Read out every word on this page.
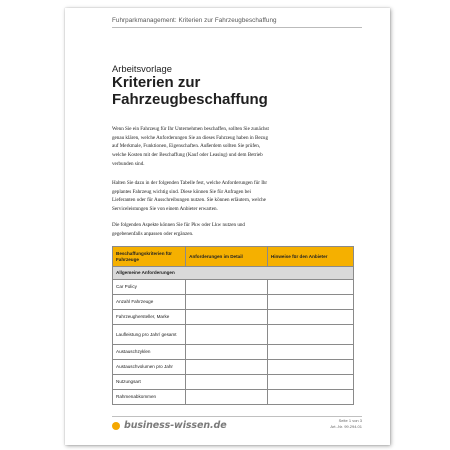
Fuhrparkmanagement: Kriterien zur Fahrzeugbeschaffung
Arbeitsvorlage
Kriterien zur
Fahrzeugbeschaffung
Wenn Sie ein Fahrzeug für Ihr Unternehmen beschaffen, sollten Sie zunächst
genau klären, welche Anforderungen Sie an dieses Fahrzeug haben in Bezug
auf Merkmale, Funktionen, Eigenschaften. Außerdem sollten Sie prüfen,
welche Kosten mit der Beschaffung (Kauf oder Leasing) und dem Betrieb
verbunden sind.
Halten Sie dazu in der folgenden Tabelle fest, welche Anforderungen für Ihr
geplantes Fahrzeug wichtig sind. Diese können Sie für Anfragen bei
Lieferanten oder für Ausschreibungen nutzen. Sie können erläutern, welche
Serviceleistungen Sie von einem Anbieter erwarten.
Die folgenden Aspekte können Sie für Pkw oder Lkw nutzen und
gegebenenfalls anpassen oder ergänzen.
Beschaffungskriterien für Fahrzeuge	Anforderungen im Detail	Hinweise für den Anbieter
Allgemeine Anforderungen		
Car Policy		
Anzahl Fahrzeuge		
Fahrzeughersteller, Marke		
Laufleistung pro Jahr/ gesamt		
Austauschzyklen		
Austauschvolumen pro Jahr		
Nutzungsart		
Rahmenabkommen		
business-wissen.de	Seite 1 von 3
Art.-Nr. 99.294.01
